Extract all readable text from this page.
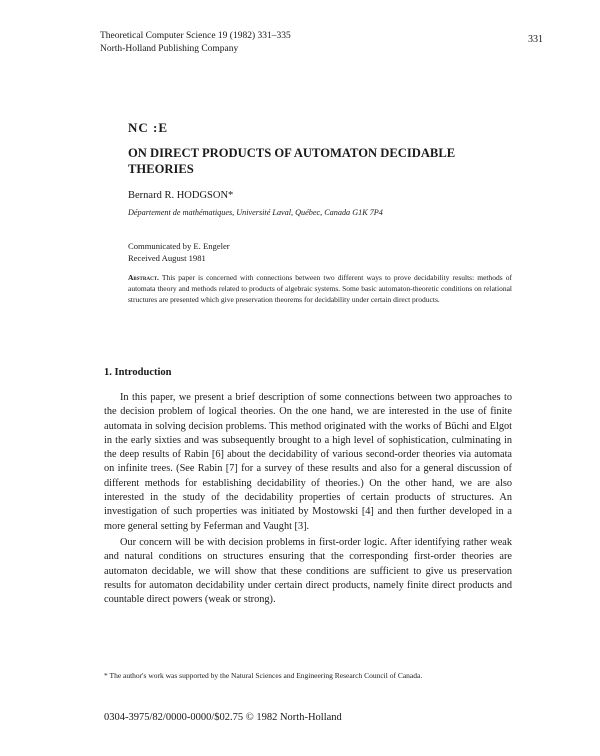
Theoretical Computer Science 19 (1982) 331–335
North-Holland Publishing Company
331
NC :E
ON DIRECT PRODUCTS OF AUTOMATON DECIDABLE THEORIES
Bernard R. HODGSON*
Département de mathématiques, Université Laval, Québec, Canada G1K 7P4
Communicated by E. Engeler
Received August 1981
Abstract. This paper is concerned with connections between two different ways to prove decidability results: methods of automata theory and methods related to products of algebraic systems. Some basic automaton-theoretic conditions on relational structures are presented which give preservation theorems for decidability under certain direct products.
1. Introduction

In this paper, we present a brief description of some connections between two approaches to the decision problem of logical theories. On the one hand, we are interested in the use of finite automata in solving decision problems. This method originated with the works of Büchi and Elgot in the early sixties and was subsequently brought to a high level of sophistication, culminating in the deep results of Rabin [6] about the decidability of various second-order theories via automata on infinite trees. (See Rabin [7] for a survey of these results and also for a general discussion of different methods for establishing decidability of theories.) On the other hand, we are also interested in the study of the decidability properties of certain products of structures. An investigation of such properties was initiated by Mostowski [4] and then further developed in a more general setting by Feferman and Vaught [3].

Our concern will be with decision problems in first-order logic. After identifying rather weak and natural conditions on structures ensuring that the corresponding first-order theories are automaton decidable, we will show that these conditions are sufficient to give us preservation results for automaton decidability under certain direct products, namely finite direct products and countable direct powers (weak or strong).

* The author's work was supported by the Natural Sciences and Engineering Research Council of Canada.
0304-3975/82/0000-0000/$02.75 © 1982 North-Holland
